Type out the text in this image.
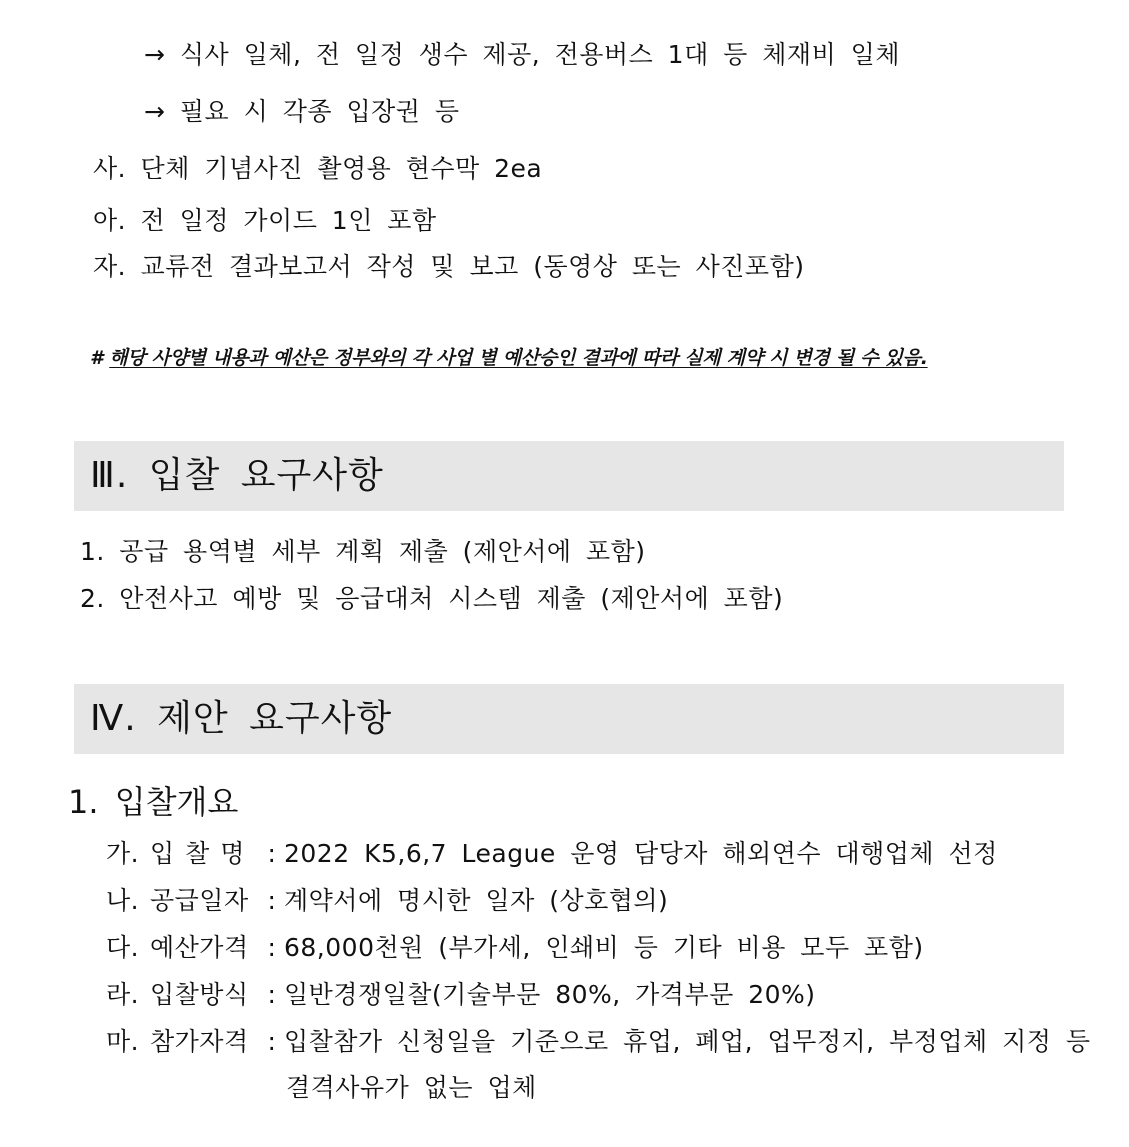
→ 식사 일체, 전 일정 생수 제공, 전용버스 1대 등 체재비 일체
→ 필요 시 각종 입장권 등
사. 단체 기념사진 촬영용 현수막 2ea
아. 전 일정 가이드 1인 포함
자. 교류전 결과보고서 작성 및 보고 (동영상 또는 사진포함)
# 해당 사양별 내용과 예산은 정부와의 각 사업 별 예산승인 결과에 따라 실제 계약 시 변경 될 수 있음.
Ⅲ. 입찰 요구사항
1. 공급 용역별 세부 계획 제출 (제안서에 포함)
2. 안전사고 예방 및 응급대처 시스템 제출 (제안서에 포함)
Ⅳ. 제안 요구사항
1. 입찰개요
가. 입 찰 명 : 2022 K5,6,7 League 운영 담당자 해외연수 대행업체 선정
나. 공급일자 : 계약서에 명시한 일자 (상호협의)
다. 예산가격 : 68,000천원 (부가세, 인쇄비 등 기타 비용 모두 포함)
라. 입찰방식 : 일반경쟁일찰(기술부문 80%, 가격부문 20%)
마. 참가자격 : 입찰참가 신청일을 기준으로 휴업, 폐업, 업무정지, 부정업체 지정 등
결격사유가 없는 업체
